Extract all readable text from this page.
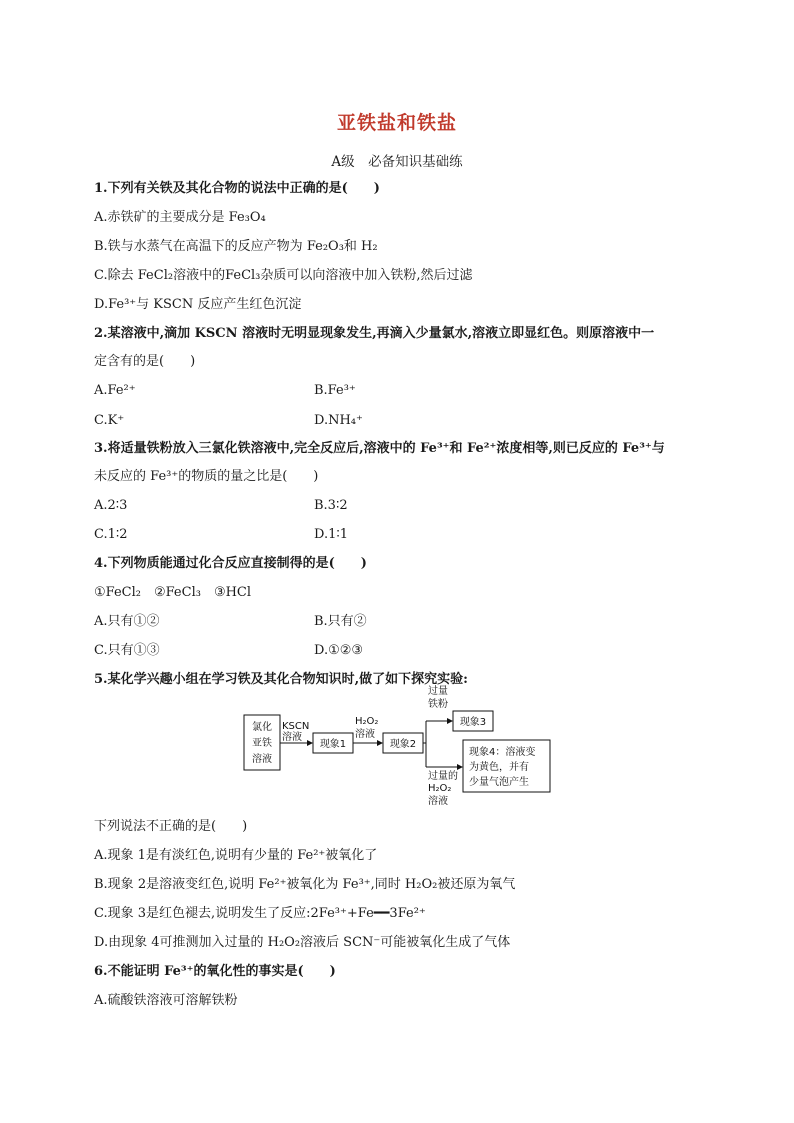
亚铁盐和铁盐
A级　必备知识基础练
1.下列有关铁及其化合物的说法中正确的是(　　)
A.赤铁矿的主要成分是 Fe₃O₄
B.铁与水蒸气在高温下的反应产物为 Fe₂O₃和 H₂
C.除去 FeCl₂溶液中的FeCl₃杂质可以向溶液中加入铁粉,然后过滤
D.Fe³⁺与 KSCN 反应产生红色沉淀
2.某溶液中,滴加 KSCN 溶液时无明显现象发生,再滴入少量氯水,溶液立即显红色。则原溶液中一
定含有的是(　　)
A.Fe²⁺	B.Fe³⁺
C.K⁺	D.NH₄⁺
3.将适量铁粉放入三氯化铁溶液中,完全反应后,溶液中的 Fe³⁺和 Fe²⁺浓度相等,则已反应的 Fe³⁺与
未反应的 Fe³⁺的物质的量之比是(　　)
A.2∶3	B.3∶2
C.1∶2	D.1∶1
4.下列物质能通过化合反应直接制得的是(　　)
①FeCl₂　②FeCl₃　③HCl
A.只有①②	B.只有②
C.只有①③	D.①②③
5.某化学兴趣小组在学习铁及其化合物知识时,做了如下探究实验:
氯化
亚铁
溶液
KSCN
溶液
现象1
H₂O₂
溶液
现象2
过量
铁粉
现象3
过量的
H₂O₂
溶液
现象4：溶液变
为黄色，并有
少量气泡产生
下列说法不正确的是(　　)
A.现象 1是有淡红色,说明有少量的 Fe²⁺被氧化了
B.现象 2是溶液变红色,说明 Fe²⁺被氧化为 Fe³⁺,同时 H₂O₂被还原为氧气
C.现象 3是红色褪去,说明发生了反应:2Fe³⁺+Fe━━3Fe²⁺
D.由现象 4可推测加入过量的 H₂O₂溶液后 SCN⁻可能被氧化生成了气体
6.不能证明 Fe³⁺的氧化性的事实是(　　)
A.硫酸铁溶液可溶解铁粉
